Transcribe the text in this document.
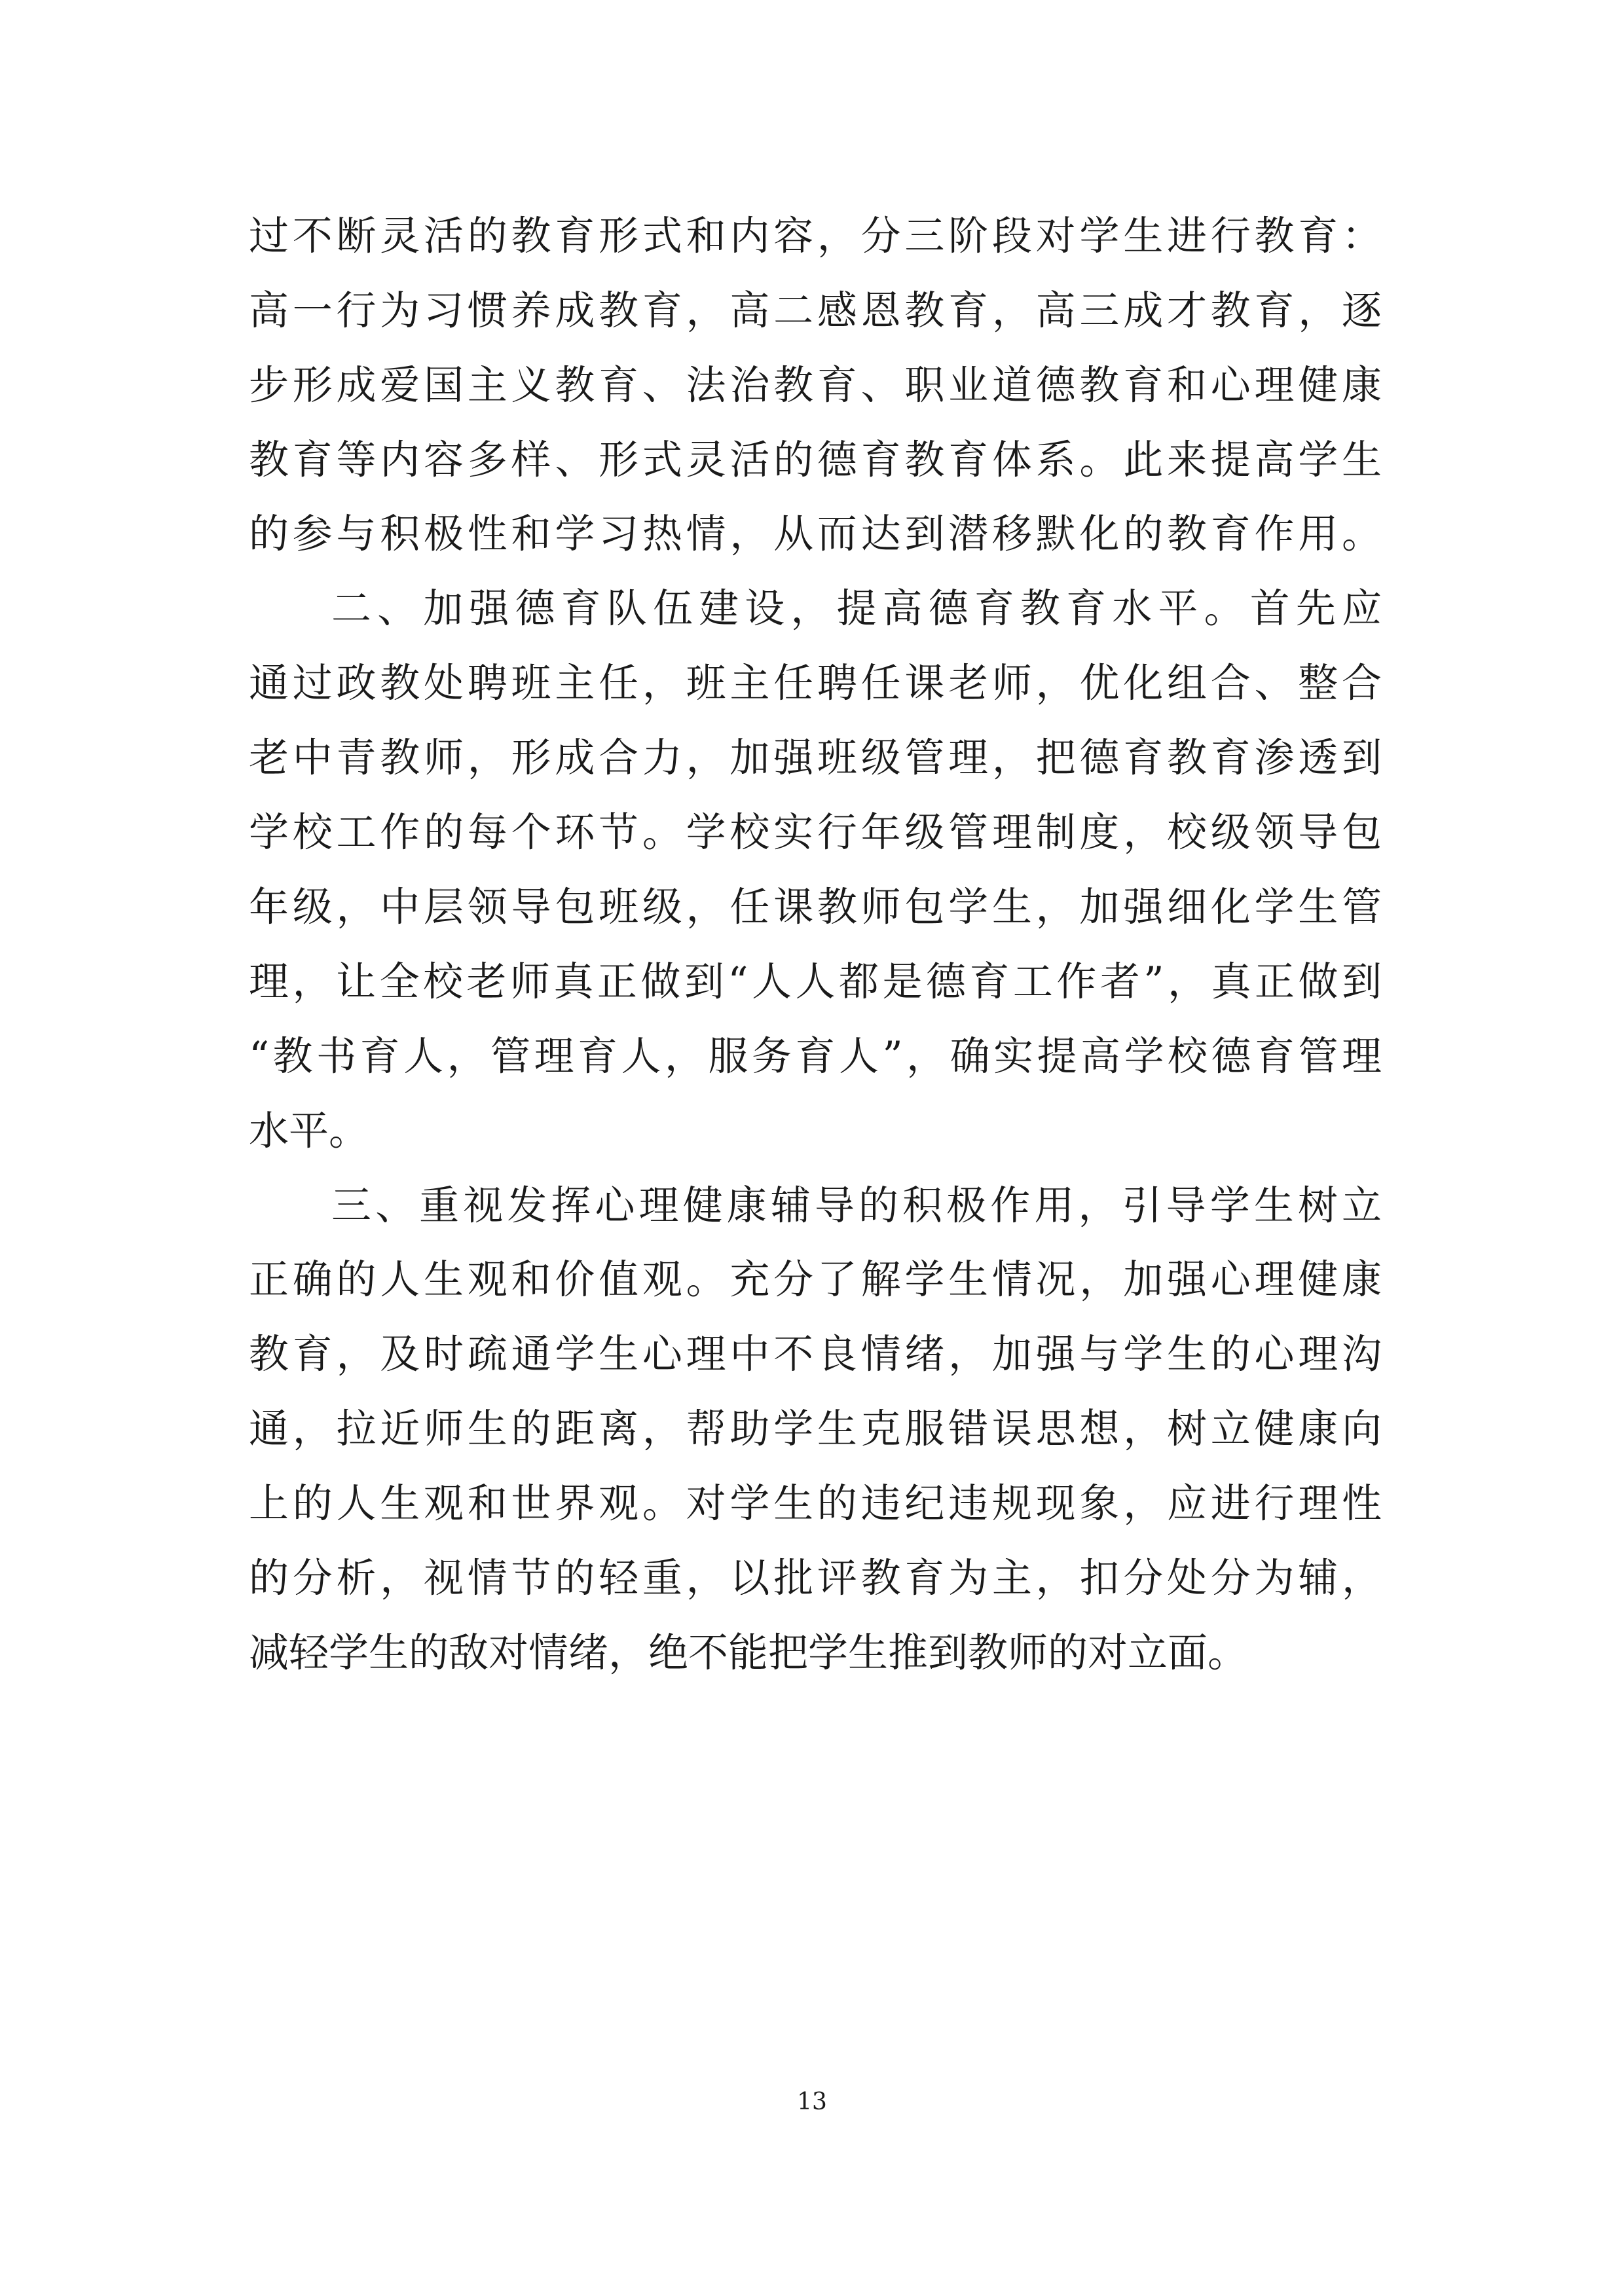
过不断灵活的教育形式和内容，分三阶段对学生进行教育：
高一行为习惯养成教育，高二感恩教育，高三成才教育，逐
步形成爱国主义教育、法治教育、职业道德教育和心理健康
教育等内容多样、形式灵活的德育教育体系。此来提高学生
的参与积极性和学习热情，从而达到潜移默化的教育作用。
二、加强德育队伍建设，提高德育教育水平。首先应
通过政教处聘班主任，班主任聘任课老师，优化组合、整合
老中青教师，形成合力，加强班级管理，把德育教育渗透到
学校工作的每个环节。学校实行年级管理制度，校级领导包
年级，中层领导包班级，任课教师包学生，加强细化学生管
理，让全校老师真正做到“人人都是德育工作者”，真正做到
“教书育人，管理育人，服务育人”，确实提高学校德育管理
水平。
三、重视发挥心理健康辅导的积极作用，引导学生树立
正确的人生观和价值观。充分了解学生情况，加强心理健康
教育，及时疏通学生心理中不良情绪，加强与学生的心理沟
通，拉近师生的距离，帮助学生克服错误思想，树立健康向
上的人生观和世界观。对学生的违纪违规现象，应进行理性
的分析，视情节的轻重，以批评教育为主，扣分处分为辅，
减轻学生的敌对情绪，绝不能把学生推到教师的对立面。
13
